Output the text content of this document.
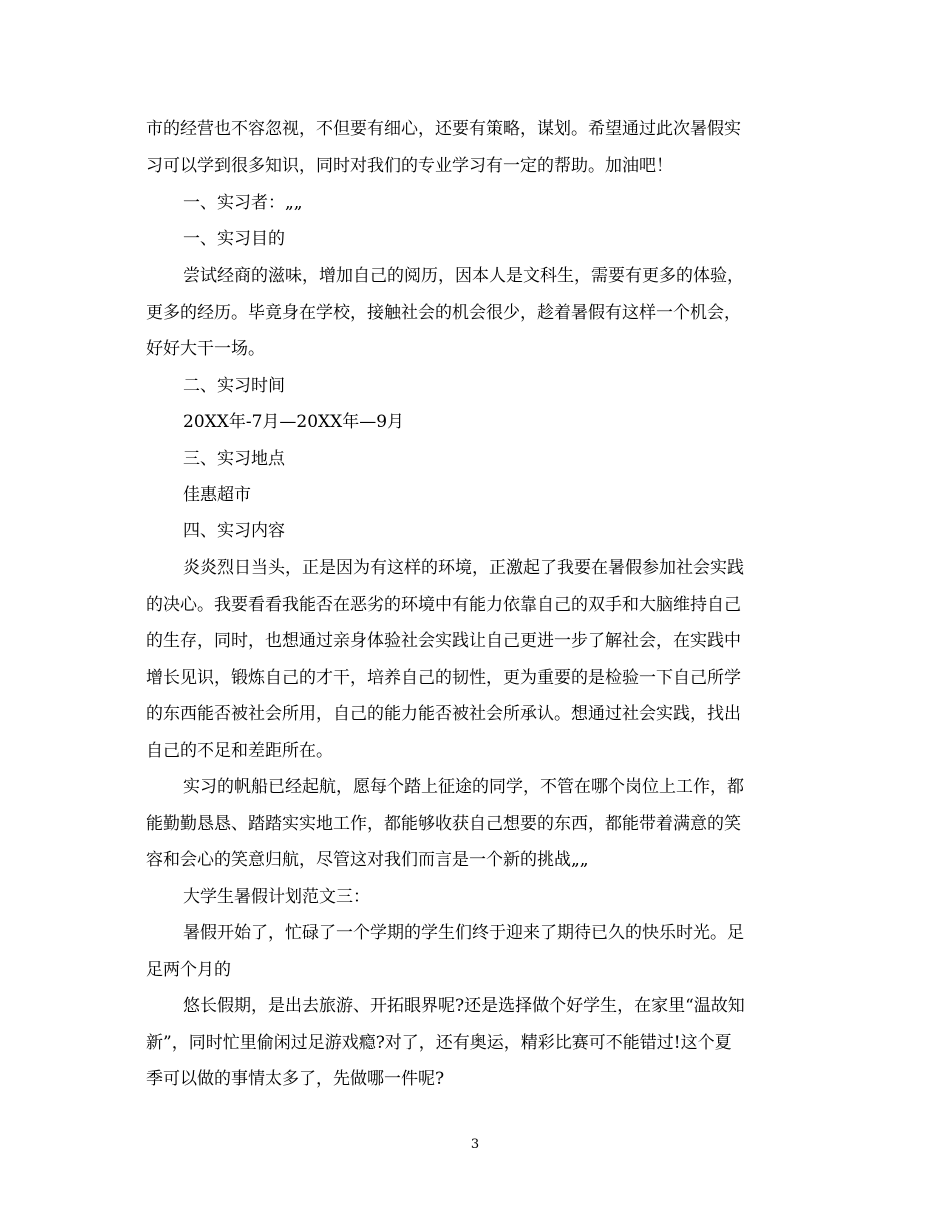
市的经营也不容忽视，不但要有细心，还要有策略，谋划。希望通过此次暑假实
习可以学到很多知识，同时对我们的专业学习有一定的帮助。加油吧！
一、实习者：„„
一、实习目的
尝试经商的滋味，增加自己的阅历，因本人是文科生，需要有更多的体验，
更多的经历。毕竟身在学校，接触社会的机会很少，趁着暑假有这样一个机会，
好好大干一场。
二、实习时间
20XX年-7月—20XX年—9月
三、实习地点
佳惠超市
四、实习内容
炎炎烈日当头，正是因为有这样的环境，正激起了我要在暑假参加社会实践
的决心。我要看看我能否在恶劣的环境中有能力依靠自己的双手和大脑维持自己
的生存，同时，也想通过亲身体验社会实践让自己更进一步了解社会，在实践中
增长见识，锻炼自己的才干，培养自己的韧性，更为重要的是检验一下自己所学
的东西能否被社会所用，自己的能力能否被社会所承认。想通过社会实践，找出
自己的不足和差距所在。
实习的帆船已经起航，愿每个踏上征途的同学，不管在哪个岗位上工作，都
能勤勤恳恳、踏踏实实地工作，都能够收获自己想要的东西，都能带着满意的笑
容和会心的笑意归航，尽管这对我们而言是一个新的挑战„„
大学生暑假计划范文三：
暑假开始了，忙碌了一个学期的学生们终于迎来了期待已久的快乐时光。足
足两个月的
悠长假期，是出去旅游、开拓眼界呢?还是选择做个好学生，在家里“温故知
新”，同时忙里偷闲过足游戏瘾?对了，还有奥运，精彩比赛可不能错过!这个夏
季可以做的事情太多了，先做哪一件呢?
3
